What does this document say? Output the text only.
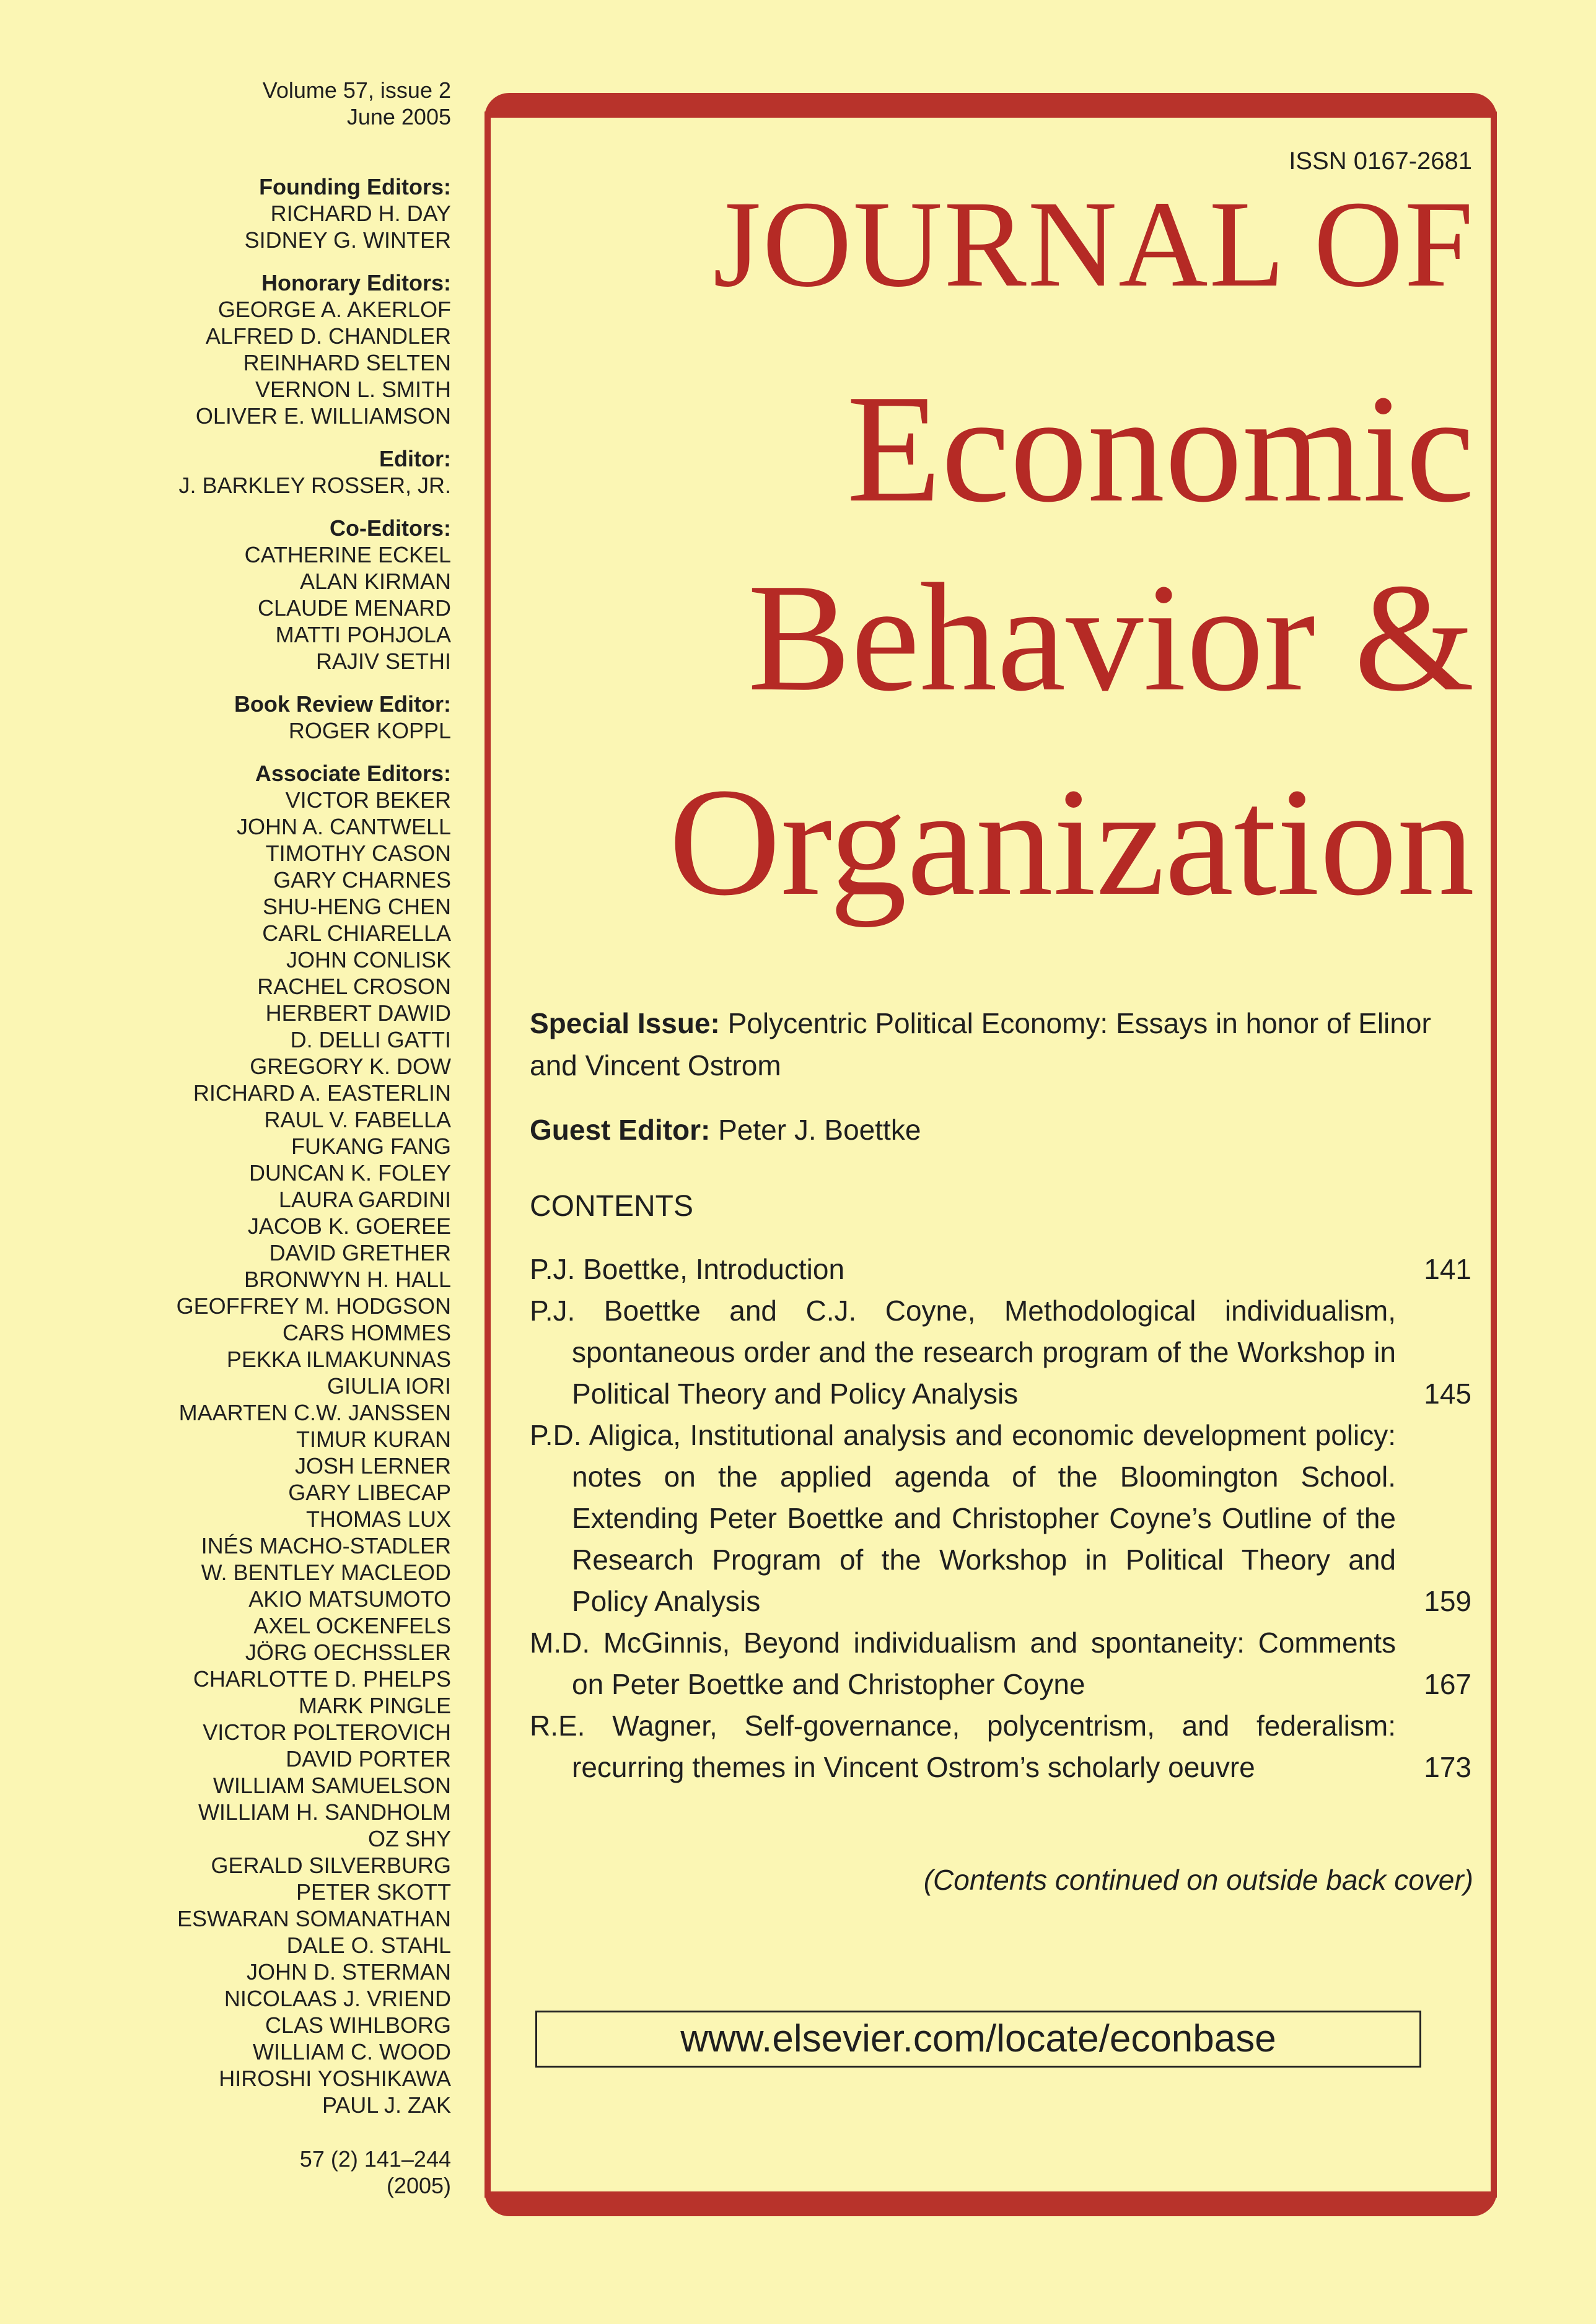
Volume 57, issue 2
June 2005
Founding Editors:
RICHARD H. DAY
SIDNEY G. WINTER
Honorary Editors:
GEORGE A. AKERLOF
ALFRED D. CHANDLER
REINHARD SELTEN
VERNON L. SMITH
OLIVER E. WILLIAMSON
Editor:
J. BARKLEY ROSSER, JR.
Co-Editors:
CATHERINE ECKEL
ALAN KIRMAN
CLAUDE MENARD
MATTI POHJOLA
RAJIV SETHI
Book Review Editor:
ROGER KOPPL
Associate Editors:
VICTOR BEKER
JOHN A. CANTWELL
TIMOTHY CASON
GARY CHARNES
SHU-HENG CHEN
CARL CHIARELLA
JOHN CONLISK
RACHEL CROSON
HERBERT DAWID
D. DELLI GATTI
GREGORY K. DOW
RICHARD A. EASTERLIN
RAUL V. FABELLA
FUKANG FANG
DUNCAN K. FOLEY
LAURA GARDINI
JACOB K. GOEREE
DAVID GRETHER
BRONWYN H. HALL
GEOFFREY M. HODGSON
CARS HOMMES
PEKKA ILMAKUNNAS
GIULIA IORI
MAARTEN C.W. JANSSEN
TIMUR KURAN
JOSH LERNER
GARY LIBECAP
THOMAS LUX
INÉS MACHO-STADLER
W. BENTLEY MACLEOD
AKIO MATSUMOTO
AXEL OCKENFELS
JÖRG OECHSSLER
CHARLOTTE D. PHELPS
MARK PINGLE
VICTOR POLTEROVICH
DAVID PORTER
WILLIAM SAMUELSON
WILLIAM H. SANDHOLM
OZ SHY
GERALD SILVERBURG
PETER SKOTT
ESWARAN SOMANATHAN
DALE O. STAHL
JOHN D. STERMAN
NICOLAAS J. VRIEND
CLAS WIHLBORG
WILLIAM C. WOOD
HIROSHI YOSHIKAWA
PAUL J. ZAK
57 (2) 141–244
(2005)
ISSN 0167-2681
JOURNAL OF
Economic
Behavior &
Organization
Special Issue: Polycentric Political Economy: Essays in honor of Elinor and Vincent Ostrom
Guest Editor: Peter J. Boettke
CONTENTS
P.J. Boettke, Introduction	141
P.J. Boettke and C.J. Coyne, Methodological individualism, spontaneous order and the research program of the Workshop in Political Theory and Policy Analysis	145
P.D. Aligica, Institutional analysis and economic development policy: notes on the applied agenda of the Bloomington School. Extending Peter Boettke and Christopher Coyne’s Outline of the Research Program of the Workshop in Political Theory and Policy Analysis	159
M.D. McGinnis, Beyond individualism and spontaneity: Comments on Peter Boettke and Christopher Coyne	167
R.E. Wagner, Self-governance, polycentrism, and federalism: recurring themes in Vincent Ostrom’s scholarly oeuvre	173
(Contents continued on outside back cover)
www.elsevier.com/locate/econbase
